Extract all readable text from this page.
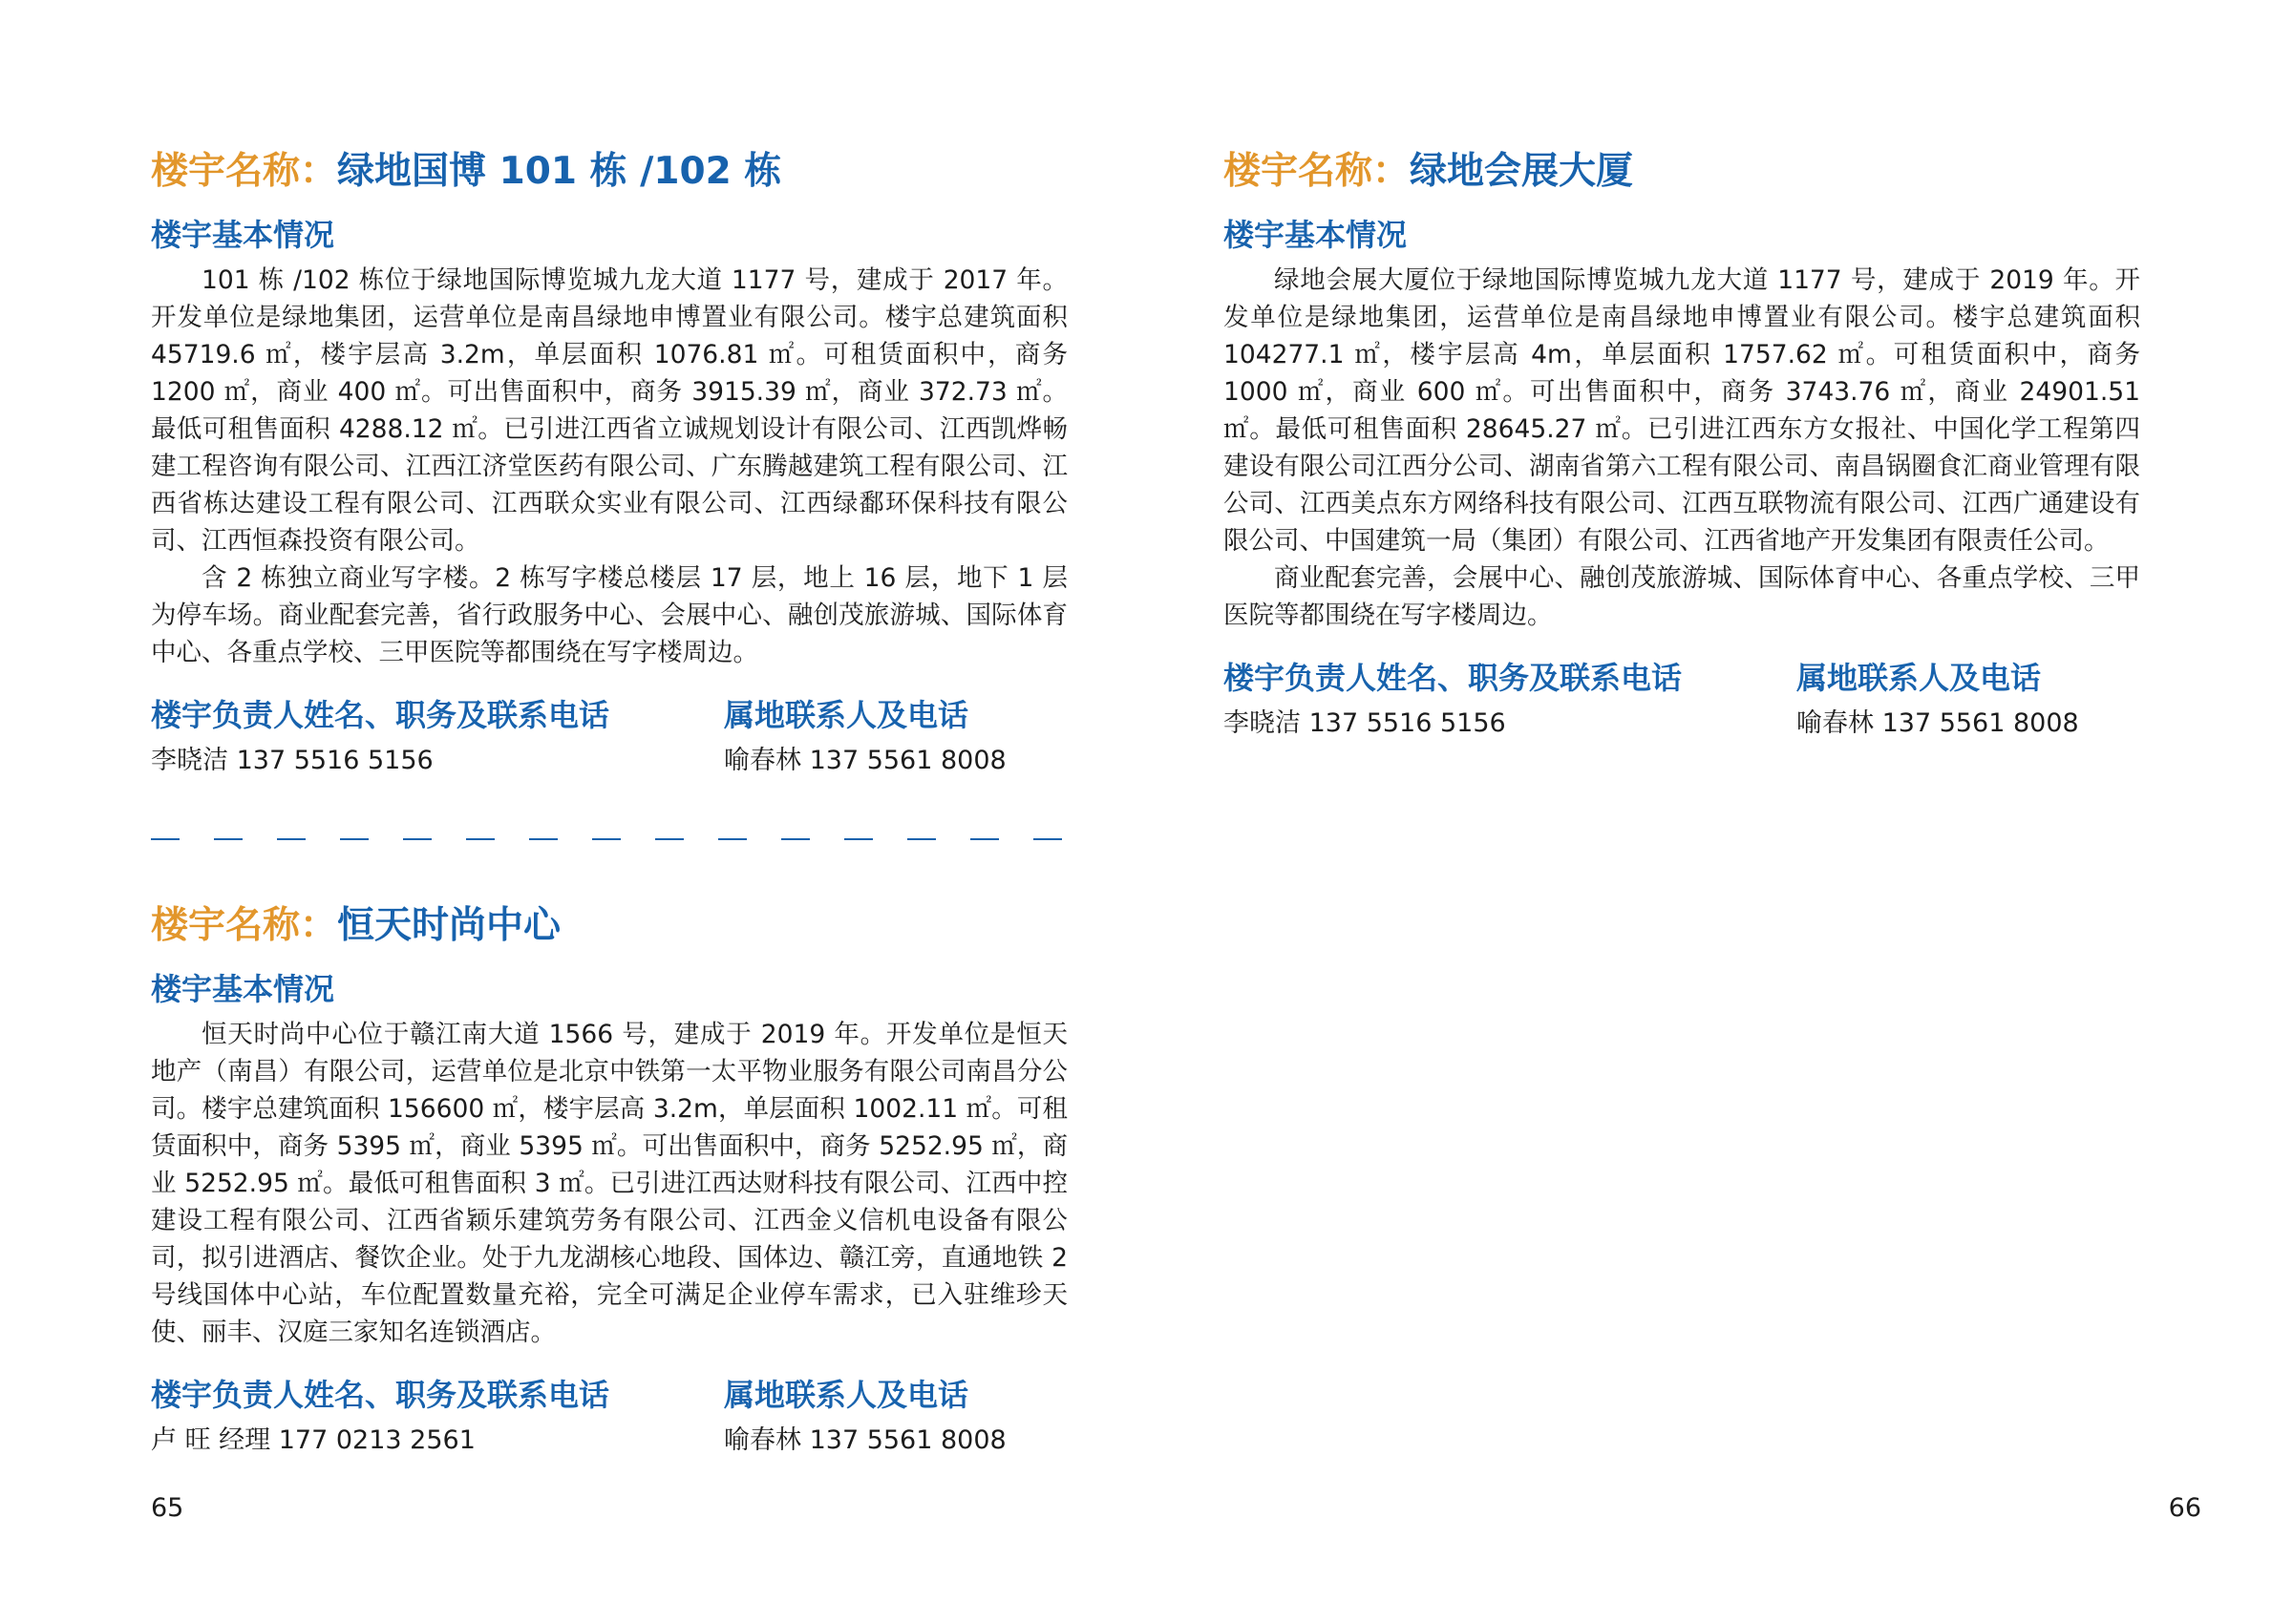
楼宇名称：绿地国博 101 栋 /102 栋
楼宇基本情况

101 栋 /102 栋位于绿地国际博览城九龙大道 1177 号，建成于 2017 年。开发单位是绿地集团，运营单位是南昌绿地申博置业有限公司。楼宇总建筑面积 45719.6 ㎡，楼宇层高 3.2m，单层面积 1076.81 ㎡。可租赁面积中，商务 1200 ㎡，商业 400 ㎡。可出售面积中，商务 3915.39 ㎡，商业 372.73 ㎡。最低可租售面积 4288.12 ㎡。已引进江西省立诚规划设计有限公司、江西凯烨畅建工程咨询有限公司、江西江济堂医药有限公司、广东腾越建筑工程有限公司、江西省栋达建设工程有限公司、江西联众实业有限公司、江西绿鄱环保科技有限公司、江西恒森投资有限公司。

含 2 栋独立商业写字楼。2 栋写字楼总楼层 17 层，地上 16 层，地下 1 层为停车场。商业配套完善，省行政服务中心、会展中心、融创茂旅游城、国际体育中心、各重点学校、三甲医院等都围绕在写字楼周边。

楼宇负责人姓名、职务及联系电话
李晓洁 137 5516 5156
属地联系人及电话
喻春林 137 5561 8008
楼宇名称：恒天时尚中心
楼宇基本情况

恒天时尚中心位于赣江南大道 1566 号，建成于 2019 年。开发单位是恒天地产（南昌）有限公司，运营单位是北京中铁第一太平物业服务有限公司南昌分公司。楼宇总建筑面积 156600 ㎡，楼宇层高 3.2m，单层面积 1002.11 ㎡。可租赁面积中，商务 5395 ㎡，商业 5395 ㎡。可出售面积中，商务 5252.95 ㎡，商业 5252.95 ㎡。最低可租售面积 3 ㎡。已引进江西达财科技有限公司、江西中控建设工程有限公司、江西省颖乐建筑劳务有限公司、江西金义信机电设备有限公司，拟引进酒店、餐饮企业。处于九龙湖核心地段、国体边、赣江旁，直通地铁 2 号线国体中心站，车位配置数量充裕，完全可满足企业停车需求，已入驻维珍天使、丽丰、汉庭三家知名连锁酒店。

楼宇负责人姓名、职务及联系电话
卢 旺 经理 177 0213 2561
属地联系人及电话
喻春林 137 5561 8008
65
楼宇名称：绿地会展大厦
楼宇基本情况

绿地会展大厦位于绿地国际博览城九龙大道 1177 号，建成于 2019 年。开发单位是绿地集团，运营单位是南昌绿地申博置业有限公司。楼宇总建筑面积 104277.1 ㎡，楼宇层高 4m，单层面积 1757.62 ㎡。可租赁面积中，商务 1000 ㎡，商业 600 ㎡。可出售面积中，商务 3743.76 ㎡，商业 24901.51 ㎡。最低可租售面积 28645.27 ㎡。已引进江西东方女报社、中国化学工程第四建设有限公司江西分公司、湖南省第六工程有限公司、南昌锅圈食汇商业管理有限公司、江西美点东方网络科技有限公司、江西互联物流有限公司、江西广通建设有限公司、中国建筑一局（集团）有限公司、江西省地产开发集团有限责任公司。

商业配套完善，会展中心、融创茂旅游城、国际体育中心、各重点学校、三甲医院等都围绕在写字楼周边。

楼宇负责人姓名、职务及联系电话
李晓洁 137 5516 5156
属地联系人及电话
喻春林 137 5561 8008
66
